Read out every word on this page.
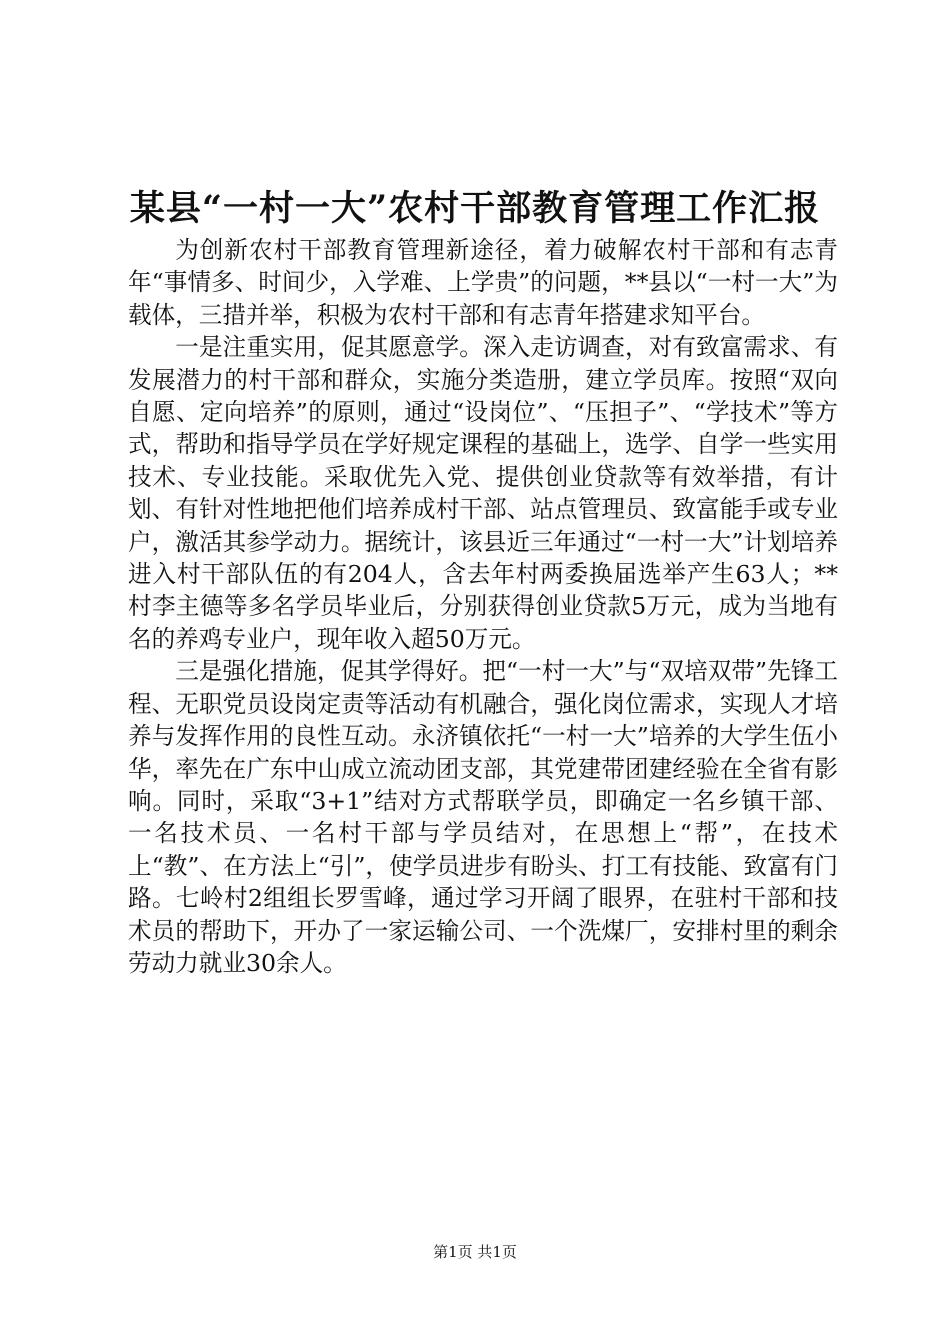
某县“一村一大”农村干部教育管理工作汇报

为创新农村干部教育管理新途径，着力破解农村干部和有志青年“事情多、时间少，入学难、上学贵”的问题，**县以“一村一大”为载体，三措并举，积极为农村干部和有志青年搭建求知平台。

一是注重实用，促其愿意学。深入走访调查，对有致富需求、有发展潜力的村干部和群众，实施分类造册，建立学员库。按照“双向自愿、定向培养”的原则，通过“设岗位”、“压担子”、“学技术”等方式，帮助和指导学员在学好规定课程的基础上，选学、自学一些实用技术、专业技能。采取优先入党、提供创业贷款等有效举措，有计划、有针对性地把他们培养成村干部、站点管理员、致富能手或专业户，激活其参学动力。据统计，该县近三年通过“一村一大”计划培养进入村干部队伍的有204人，含去年村两委换届选举产生63人；**村李主德等多名学员毕业后，分别获得创业贷款5万元，成为当地有名的养鸡专业户，现年收入超50万元。

三是强化措施，促其学得好。把“一村一大”与“双培双带”先锋工程、无职党员设岗定责等活动有机融合，强化岗位需求，实现人才培养与发挥作用的良性互动。永济镇依托“一村一大”培养的大学生伍小华，率先在广东中山成立流动团支部，其党建带团建经验在全省有影响。同时，采取“3+1”结对方式帮联学员，即确定一名乡镇干部、一名技术员、一名村干部与学员结对，在思想上“帮”，在技术上“教”、在方法上“引”，使学员进步有盼头、打工有技能、致富有门路。七岭村2组组长罗雪峰，通过学习开阔了眼界，在驻村干部和技术员的帮助下，开办了一家运输公司、一个洗煤厂，安排村里的剩余劳动力就业30余人。

第1页 共1页
